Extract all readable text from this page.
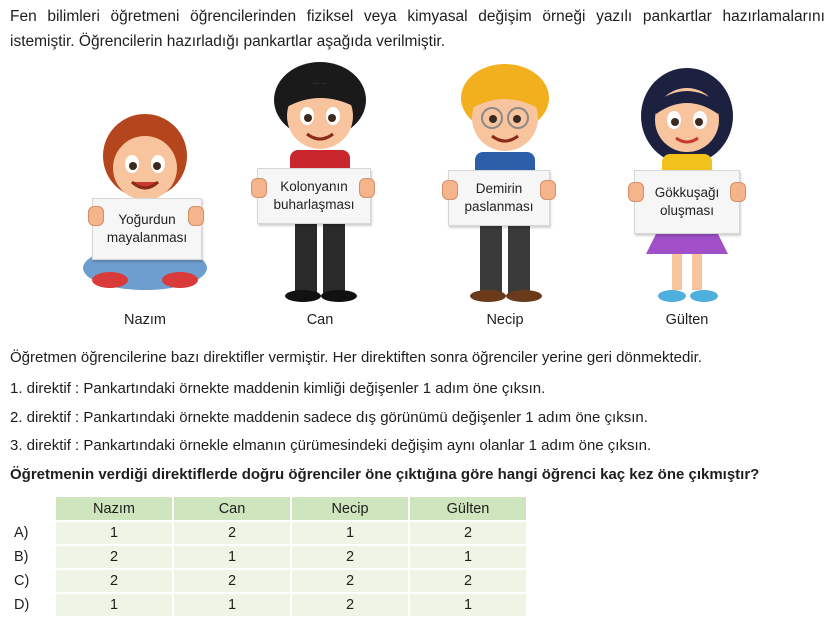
Fen bilimleri öğretmeni öğrencilerinden fiziksel veya kimyasal değişim örneği yazılı pankartlar hazırlamalarını
istemiştir. Öğrencilerin hazırladığı pankartlar aşağıda verilmiştir.
Yoğurdun
mayalanması
Nazım
Kolonyanın
buharlaşması
Can
Demirin
paslanması
Necip
Gökkuşağı
oluşması
Gülten
Öğretmen öğrencilerine bazı direktifler vermiştir. Her direktiften sonra öğrenciler yerine geri dönmektedir.
1. direktif : Pankartındaki örnekte maddenin kimliği değişenler 1 adım öne çıksın.
2. direktif : Pankartındaki örnekte maddenin sadece dış görünümü değişenler 1 adım öne çıksın.
3. direktif : Pankartındaki örnekle elmanın çürümesindeki değişim aynı olanlar 1 adım öne çıksın.
Öğretmenin verdiği direktiflerde doğru öğrenciler öne çıktığına göre hangi öğrenci kaç kez öne çıkmıştır?
	Nazım	Can	Necip	Gülten
A)	1	2	1	2
B)	2	1	2	1
C)	2	2	2	2
D)	1	1	2	1
